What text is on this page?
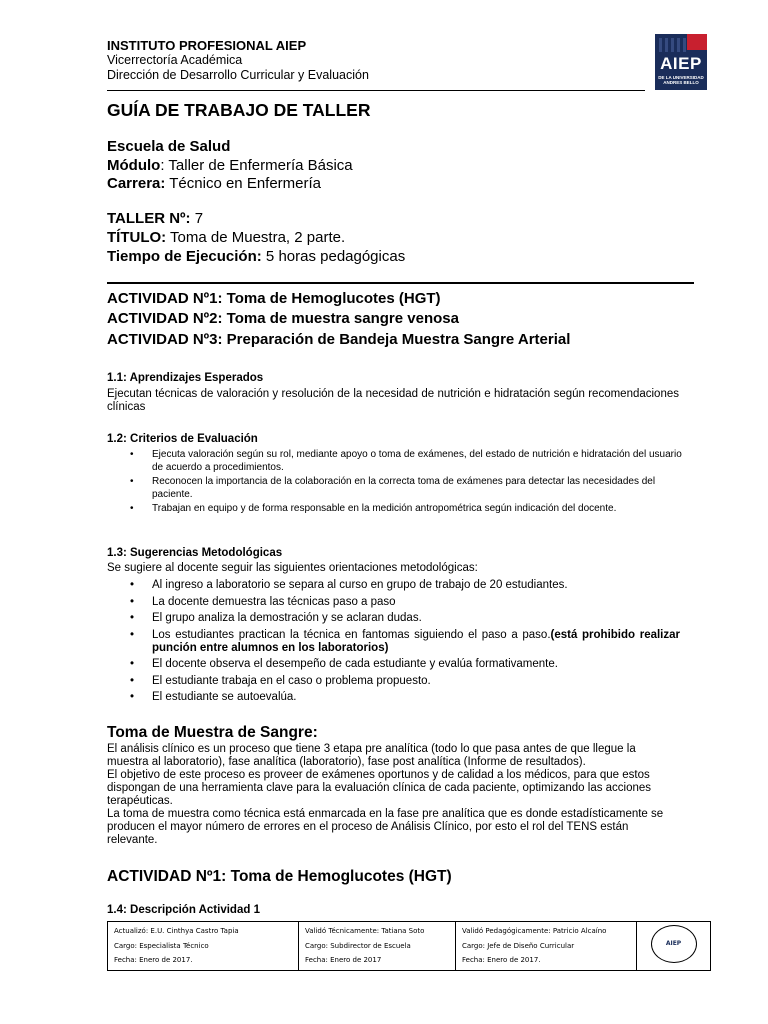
INSTITUTO PROFESIONAL AIEP
Vicerrectoría Académica
Dirección de Desarrollo Curricular y Evaluación
AIEP
DE LA UNIVERSIDAD
ANDRES BELLO
GUÍA DE TRABAJO DE TALLER
Escuela de Salud
Módulo: Taller de Enfermería Básica
Carrera: Técnico en Enfermería
TALLER Nº: 7
TÍTULO: Toma de Muestra, 2 parte.
Tiempo de Ejecución: 5 horas pedagógicas
ACTIVIDAD Nº1: Toma de Hemoglucotes (HGT)
ACTIVIDAD Nº2: Toma de muestra sangre venosa
ACTIVIDAD Nº3: Preparación de Bandeja Muestra Sangre Arterial
1.1: Aprendizajes Esperados
Ejecutan técnicas de valoración y resolución de la necesidad de nutrición e hidratación según recomendaciones clínicas
1.2: Criterios de Evaluación
• Ejecuta valoración según su rol, mediante apoyo o toma de exámenes, del estado de nutrición e hidratación del usuario de acuerdo a procedimientos.
• Reconocen la importancia de la colaboración en la correcta toma de exámenes para detectar las necesidades del paciente.
• Trabajan en equipo y de forma responsable en la medición antropométrica según indicación del docente.
1.3: Sugerencias Metodológicas
Se sugiere al docente seguir las siguientes orientaciones metodológicas:
• Al ingreso a laboratorio se separa al curso en grupo de trabajo de 20 estudiantes.
• La docente demuestra las técnicas paso a paso
• El grupo analiza la demostración y se aclaran dudas.
• Los estudiantes practican la técnica en fantomas siguiendo el paso a paso.(está prohibido realizar punción entre alumnos en los laboratorios)
• El docente observa el desempeño de cada estudiante y evalúa formativamente.
• El estudiante trabaja en el caso o problema propuesto.
• El estudiante se autoevalúa.
Toma de Muestra de Sangre:
El análisis clínico es un proceso que tiene 3 etapa pre analítica (todo lo que pasa antes de que llegue la muestra al laboratorio), fase analítica (laboratorio), fase post analítica (Informe de resultados).
El objetivo de este proceso es proveer de exámenes oportunos y de calidad a los médicos, para que estos dispongan de una herramienta clave para la evaluación clínica de cada paciente, optimizando las acciones terapéuticas.
La toma de muestra como técnica está enmarcada en la fase pre analítica que es donde estadísticamente se producen el mayor número de errores en el proceso de Análisis Clínico, por esto el rol del TENS están relevante.
ACTIVIDAD Nº1: Toma de Hemoglucotes (HGT)
1.4: Descripción Actividad 1
Actualizó: E.U. Cinthya Castro Tapia
Cargo: Especialista Técnico
Fecha: Enero de 2017.

Validó Técnicamente: Tatiana Soto
Cargo: Subdirector de Escuela
Fecha: Enero de 2017

Validó Pedagógicamente: Patricio Alcaíno
Cargo: Jefe de Diseño Curricular
Fecha: Enero de 2017.

AIEP
